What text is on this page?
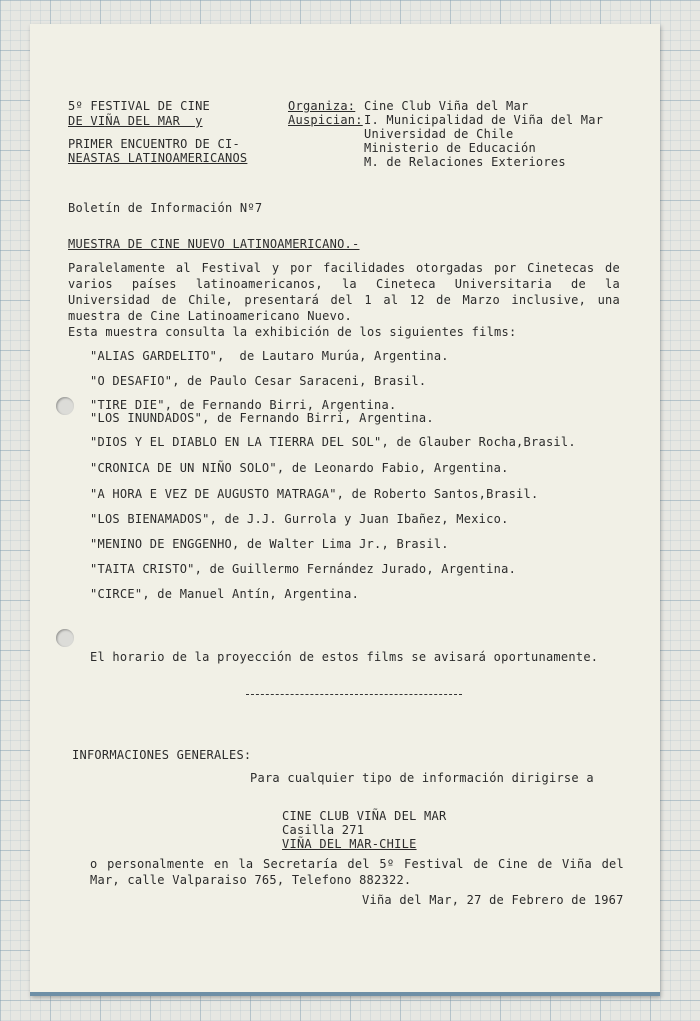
5º FESTIVAL DE CINE
DE VIÑA DEL MAR  y
PRIMER ENCUENTRO DE CI-
NEASTAS LATINOAMERICANOS
Organiza: Cine Club Viña del Mar
Auspician: I. Municipalidad de Viña del Mar
Universidad de Chile
Ministerio de Educación
M. de Relaciones Exteriores
Boletín de Información Nº7
MUESTRA DE CINE NUEVO LATINOAMERICANO.-
Paralelamente al Festival y por facilidades otorgadas por Cinetecas de varios países latinoamericanos, la Cineteca Universitaria de la Universidad de Chile, presentará del 1 al 12 de Marzo inclusive, una muestra de Cine Latinoamericano Nuevo.
Esta muestra consulta la exhibición de los siguientes films:
"ALIAS GARDELITO",  de Lautaro Murúa, Argentina.
"O DESAFIO", de Paulo Cesar Saraceni, Brasil.
"TIRE DIE", de Fernando Birri, Argentina.
"LOS INUNDADOS", de Fernando Birri, Argentina.
"DIOS Y EL DIABLO EN LA TIERRA DEL SOL", de Glauber Rocha,Brasil.
"CRONICA DE UN NIÑO SOLO", de Leonardo Fabio, Argentina.
"A HORA E VEZ DE AUGUSTO MATRAGA", de Roberto Santos,Brasil.
"LOS BIENAMADOS", de J.J. Gurrola y Juan Ibañez, Mexico.
"MENINO DE ENGGENHO, de Walter Lima Jr., Brasil.
"TAITA CRISTO", de Guillermo Fernández Jurado, Argentina.
"CIRCE", de Manuel Antín, Argentina.
El horario de la proyección de estos films se avisará oportunamente.
INFORMACIONES GENERALES:
Para cualquier tipo de información dirigirse a
CINE CLUB VIÑA DEL MAR
Casilla 271
VIÑA DEL MAR-CHILE
o personalmente en la Secretaría del 5º Festival de Cine de Viña del Mar, calle Valparaiso 765, Telefono 882322.
Viña del Mar, 27 de Febrero de 1967
